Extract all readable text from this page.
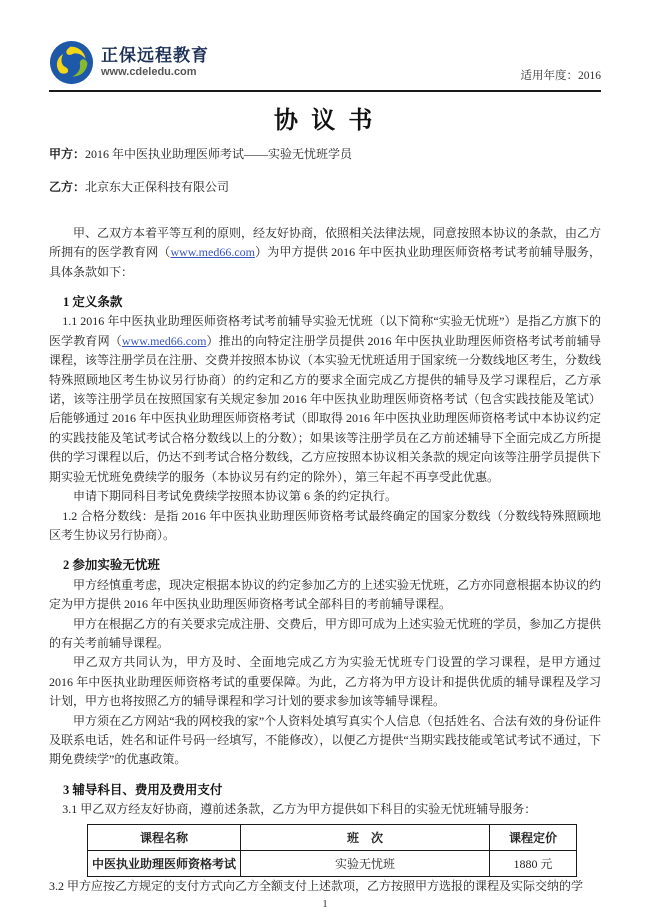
正保远程教育
www.cdeledu.com	适用年度：2016
协 议 书

甲方：2016 年中医执业助理医师考试——实验无忧班学员

乙方：北京东大正保科技有限公司

甲、乙双方本着平等互利的原则，经友好协商，依照相关法律法规，同意按照本协议的条款，由乙方所拥有的医学教育网（www.med66.com）为甲方提供 2016 年中医执业助理医师资格考试考前辅导服务，具体条款如下：

1 定义条款

1.1 2016 年中医执业助理医师资格考试考前辅导实验无忧班（以下简称“实验无忧班”）是指乙方旗下的医学教育网（www.med66.com）推出的向特定注册学员提供 2016 年中医执业助理医师资格考试考前辅导课程，该等注册学员在注册、交费并按照本协议（本实验无忧班适用于国家统一分数线地区考生，分数线特殊照顾地区考生协议另行协商）的约定和乙方的要求全面完成乙方提供的辅导及学习课程后，乙方承诺，该等注册学员在按照国家有关规定参加 2016 年中医执业助理医师资格考试（包含实践技能及笔试）后能够通过 2016 年中医执业助理医师资格考试（即取得 2016 年中医执业助理医师资格考试中本协议约定的实践技能及笔试考试合格分数线以上的分数）；如果该等注册学员在乙方前述辅导下全面完成乙方所提供的学习课程以后，仍达不到考试合格分数线，乙方应按照本协议相关条款的规定向该等注册学员提供下期实验无忧班免费续学的服务（本协议另有约定的除外），第三年起不再享受此优惠。

申请下期同科目考试免费续学按照本协议第 6 条的约定执行。

1.2 合格分数线：是指 2016 年中医执业助理医师资格考试最终确定的国家分数线（分数线特殊照顾地区考生协议另行协商）。

2 参加实验无忧班

甲方经慎重考虑，现决定根据本协议的约定参加乙方的上述实验无忧班，乙方亦同意根据本协议的约定为甲方提供 2016 年中医执业助理医师资格考试全部科目的考前辅导课程。

甲方在根据乙方的有关要求完成注册、交费后，甲方即可成为上述实验无忧班的学员，参加乙方提供的有关考前辅导课程。

甲乙双方共同认为，甲方及时、全面地完成乙方为实验无忧班专门设置的学习课程，是甲方通过 2016 年中医执业助理医师资格考试的重要保障。为此，乙方将为甲方设计和提供优质的辅导课程及学习计划，甲方也将按照乙方的辅导课程和学习计划的要求参加该等辅导课程。

甲方须在乙方网站“我的网校我的家”个人资料处填写真实个人信息（包括姓名、合法有效的身份证件及联系电话，姓名和证件号码一经填写，不能修改），以便乙方提供“当期实践技能或笔试考试不通过，下期免费续学”的优惠政策。

3 辅导科目、费用及费用支付

3.1 甲乙双方经友好协商，遵前述条款，乙方为甲方提供如下科目的实验无忧班辅导服务：

课程名称	班　次	课程定价
中医执业助理医师资格考试	实验无忧班	1880 元

3.2 甲方应按乙方规定的支付方式向乙方全额支付上述款项，乙方按照甲方选报的课程及实际交纳的学

1
